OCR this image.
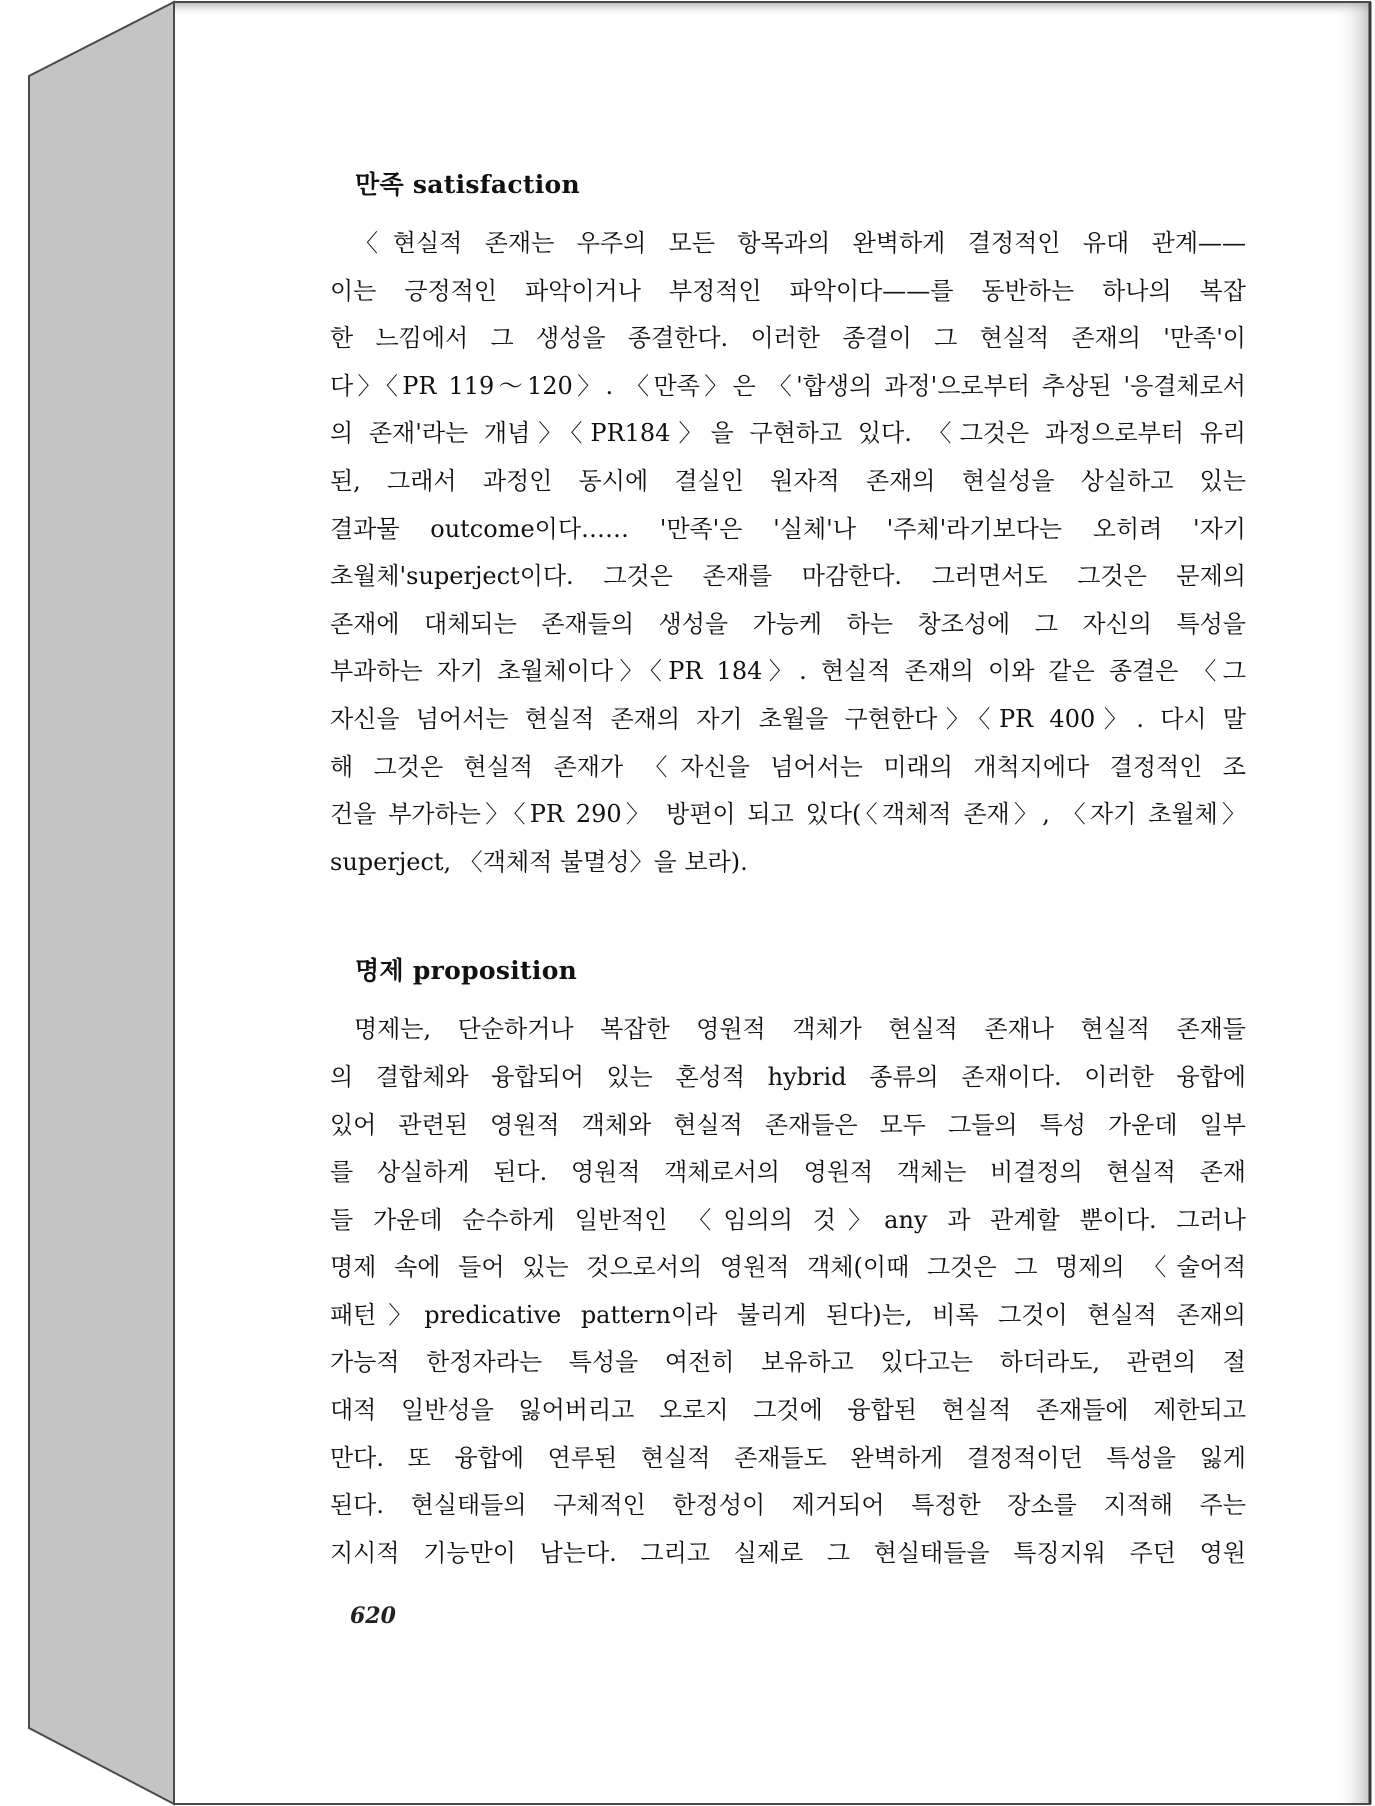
만족 satisfaction
〈현실적 존재는 우주의 모든 항목과의 완벽하게 결정적인 유대 관계——
이는 긍정적인 파악이거나 부정적인 파악이다——를 동반하는 하나의 복잡
한 느낌에서 그 생성을 종결한다. 이러한 종결이 그 현실적 존재의 '만족'이
다〉〈PR 119～120〉. 〈만족〉은 〈'합생의 과정'으로부터 추상된 '응결체로서
의 존재'라는 개념〉〈PR184〉을 구현하고 있다. 〈그것은 과정으로부터 유리
된, 그래서 과정인 동시에 결실인 원자적 존재의 현실성을 상실하고 있는
결과물 outcome이다…… '만족'은 '실체'나 '주체'라기보다는 오히려 '자기
초월체'superject이다. 그것은 존재를 마감한다. 그러면서도 그것은 문제의
존재에 대체되는 존재들의 생성을 가능케 하는 창조성에 그 자신의 특성을
부과하는 자기 초월체이다〉〈PR 184〉. 현실적 존재의 이와 같은 종결은 〈그
자신을 넘어서는 현실적 존재의 자기 초월을 구현한다〉〈PR 400〉. 다시 말
해 그것은 현실적 존재가 〈자신을 넘어서는 미래의 개척지에다 결정적인 조
건을 부가하는〉〈PR 290〉 방편이 되고 있다(〈객체적 존재〉, 〈자기 초월체〉
superject, 〈객체적 불멸성〉을 보라).
명제 proposition
명제는, 단순하거나 복잡한 영원적 객체가 현실적 존재나 현실적 존재들
의 결합체와 융합되어 있는 혼성적 hybrid 종류의 존재이다. 이러한 융합에
있어 관련된 영원적 객체와 현실적 존재들은 모두 그들의 특성 가운데 일부
를 상실하게 된다. 영원적 객체로서의 영원적 객체는 비결정의 현실적 존재
들 가운데 순수하게 일반적인 〈임의의 것〉any 과 관계할 뿐이다. 그러나
명제 속에 들어 있는 것으로서의 영원적 객체(이때 그것은 그 명제의 〈술어적
패턴〉predicative pattern이라 불리게 된다)는, 비록 그것이 현실적 존재의
가능적 한정자라는 특성을 여전히 보유하고 있다고는 하더라도, 관련의 절
대적 일반성을 잃어버리고 오로지 그것에 융합된 현실적 존재들에 제한되고
만다. 또 융합에 연루된 현실적 존재들도 완벽하게 결정적이던 특성을 잃게
된다. 현실태들의 구체적인 한정성이 제거되어 특정한 장소를 지적해 주는
지시적 기능만이 남는다. 그리고 실제로 그 현실태들을 특징지워 주던 영원
620
